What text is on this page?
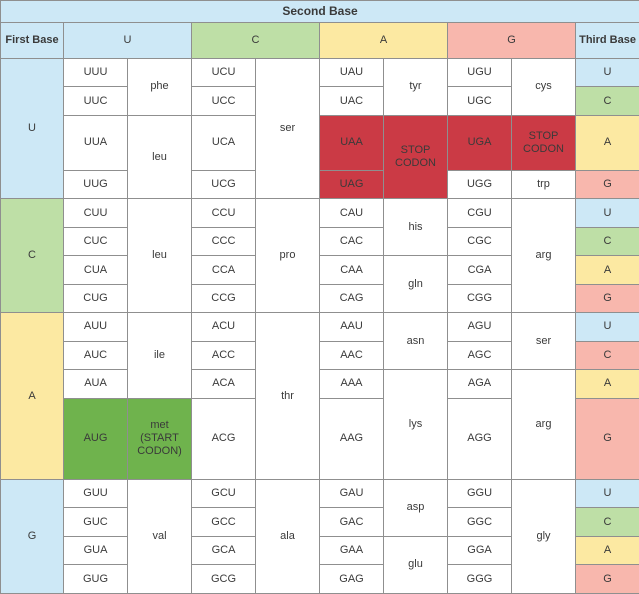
Second Base									
First Base	U		C		A		G		Third Base
U	UUU	phe	UCU	ser	UAU	tyr	UGU	cys	U
	UUC		UCC		UAC		UGC		C
	UUA	leu	UCA		UAA	STOP CODON	UGA	STOP CODON	A
	UUG		UCG		UAG		UGG	trp	G
C	CUU	leu	CCU	pro	CAU	his	CGU	arg	U
	CUC		CCC		CAC		CGC		C
	CUA		CCA		CAA	gln	CGA		A
	CUG		CCG		CAG		CGG		G
A	AUU	ile	ACU	thr	AAU	asn	AGU	ser	U
	AUC		ACC		AAC		AGC		C
	AUA		ACA		AAA	lys	AGA	arg	A
	AUG	met (START CODON)	ACG		AAG		AGG		G
G	GUU	val	GCU	ala	GAU	asp	GGU	gly	U
	GUC		GCC		GAC		GGC		C
	GUA		GCA		GAA	glu	GGA		A
	GUG		GCG		GAG		GGG		G
